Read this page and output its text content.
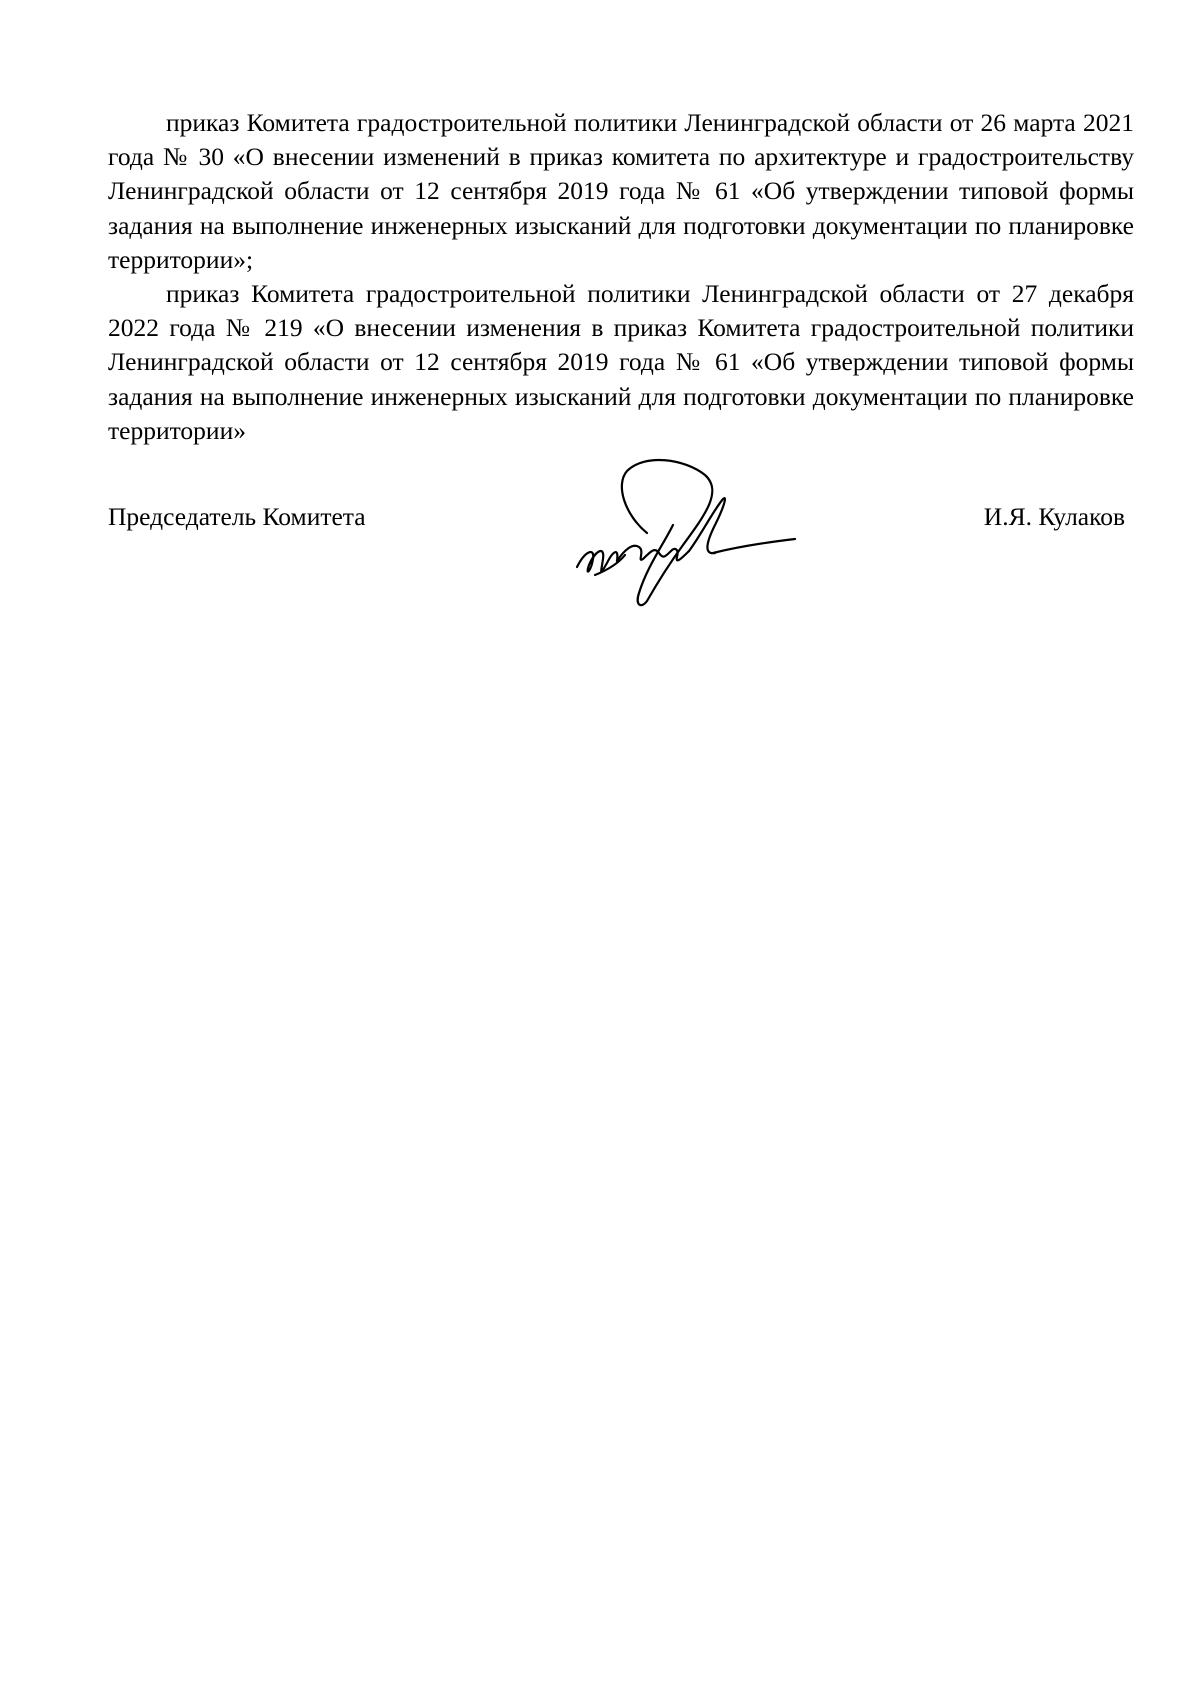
приказ Комитета градостроительной политики Ленинградской области от 26 марта 2021 года № 30 «О внесении изменений в приказ комитета по архитектуре и градостроительству Ленинградской области от 12 сентября 2019 года № 61 «Об утверждении типовой формы задания на выполнение инженерных изысканий для подготовки документации по планировке территории»;

приказ Комитета градостроительной политики Ленинградской области от 27 декабря 2022 года № 219 «О внесении изменения в приказ Комитета градостроительной политики Ленинградской области от 12 сентября 2019 года № 61 «Об утверждении типовой формы задания на выполнение инженерных изысканий для подготовки документации по планировке территории»

Председатель Комитета	И.Я. Кулаков
